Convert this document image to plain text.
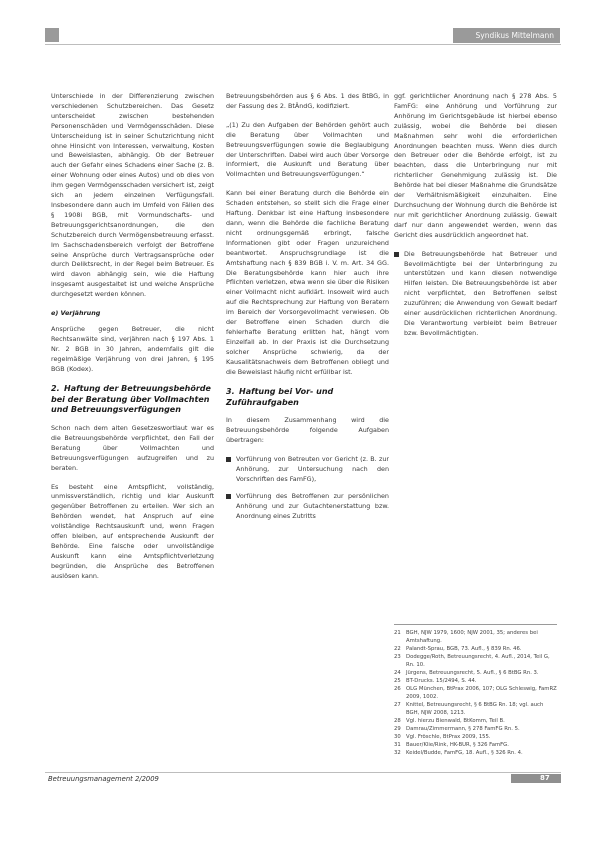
Syndikus Mittelmann

Unterschiede in der Differenzierung zwischen verschiedenen Schutzbereichen. Das Gesetz unterscheidet zwischen bestehenden Personenschäden und Vermögensschäden. Diese Unterscheidung ist in seiner Schutzrichtung nicht ohne Hinsicht von Interessen, verwaltung, Kosten und Beweislasten, abhängig. Ob der Betreuer auch der Gefahr eines Schadens einer Sache (z. B. einer Wohnung oder eines Autos) und ob dies von ihm gegen Vermögensschaden versichert ist, zeigt sich an jedem einzelnen Verfügungsfall. Insbesondere dann auch im Umfeld von Fällen des § 1908i BGB, mit Vormundschafts- und Betreuungsgerichtsanordnungen, die den Schutzbereich durch Vermögensbetreuung erfasst. Im Sachschadensbereich verfolgt der Betroffene seine Ansprüche durch Vertragsansprüche oder durch Deliktsrecht, in der Regel beim Betreuer. Es wird davon abhängig sein, wie die Haftung insgesamt ausgestaltet ist und welche Ansprüche durchgesetzt werden können.

e) Verjährung

Ansprüche gegen Betreuer, die nicht Rechtsanwälte sind, verjähren nach § 197 Abs. 1 Nr. 2 BGB in 30 Jahren, andernfalls gilt die regelmäßige Verjährung von drei Jahren, § 195 BGB (Kodex).

2. Haftung der Betreuungsbehörde bei der Beratung über Vollmachten und Betreuungsverfügungen

Schon nach dem alten Gesetzeswortlaut war es die Betreuungsbehörde verpflichtet, den Fall der Beratung über Vollmachten und Betreuungsverfügungen aufzugreifen und zu beraten.

Es besteht eine Amtspflicht, vollständig, unmissverständlich, richtig und klar Auskunft gegenüber Betroffenen zu erteilen. Wer sich an Behörden wendet, hat Anspruch auf eine vollständige Rechtsauskunft und, wenn Fragen offen bleiben, auf entsprechende Auskunft der Behörde. Eine falsche oder unvollständige Auskunft kann eine Amtspflichtverletzung begründen, die Ansprüche des Betroffenen auslösen kann.

Betreuungsbehörden aus § 6 Abs. 1 des BtBG, in der Fassung des 2. BtÄndG, kodifiziert.

„(1) Zu den Aufgaben der Behörden gehört auch die Beratung über Vollmachten und Betreuungsverfügungen sowie die Beglaubigung der Unterschriften. Dabei wird auch über Vorsorge informiert, die Auskunft und Beratung über Vollmachten und Betreuungsverfügungen.“

Kann bei einer Beratung durch die Behörde ein Schaden entstehen, so stellt sich die Frage einer Haftung. Denkbar ist eine Haftung insbesondere dann, wenn die Behörde die fachliche Beratung nicht ordnungsgemäß erbringt, falsche Informationen gibt oder Fragen unzureichend beantwortet. Anspruchsgrundlage ist die Amtshaftung nach § 839 BGB i. V. m. Art. 34 GG. Die Beratungsbehörde kann hier auch ihre Pflichten verletzen, etwa wenn sie über die Risiken einer Vollmacht nicht aufklärt. Insoweit wird auch auf die Rechtsprechung zur Haftung von Beratern im Bereich der Vorsorgevollmacht verwiesen. Ob der Betroffene einen Schaden durch die fehlerhafte Beratung erlitten hat, hängt vom Einzelfall ab. In der Praxis ist die Durchsetzung solcher Ansprüche schwierig, da der Kausalitätsnachweis dem Betroffenen obliegt und die Beweislast häufig nicht erfüllbar ist.

3. Haftung bei Vor- und Zuführaufgaben

In diesem Zusammenhang wird die Betreuungsbehörde folgende Aufgaben übertragen:

Vorführung von Betreuten vor Gericht (z. B. zur Anhörung, zur Untersuchung nach den Vorschriften des FamFG),
Vorführung des Betroffenen zur persönlichen Anhörung und zur Gutachtenerstattung bzw. Anordnung eines Zutritts

ggf. gerichtlicher Anordnung nach § 278 Abs. 5 FamFG: eine Anhörung und Vorführung zur Anhörung im Gerichtsgebäude ist hierbei ebenso zulässig, wobei die Behörde bei diesen Maßnahmen sehr wohl die erforderlichen Anordnungen beachten muss. Wenn dies durch den Betreuer oder die Behörde erfolgt, ist zu beachten, dass die Unterbringung nur mit richterlicher Genehmigung zulässig ist. Die Behörde hat bei dieser Maßnahme die Grundsätze der Verhältnismäßigkeit einzuhalten. Eine Durchsuchung der Wohnung durch die Behörde ist nur mit gerichtlicher Anordnung zulässig. Gewalt darf nur dann angewendet werden, wenn das Gericht dies ausdrücklich angeordnet hat.

Die Betreuungsbehörde hat Betreuer und Bevollmächtigte bei der Unterbringung zu unterstützen und kann diesen notwendige Hilfen leisten. Die Betreuungsbehörde ist aber nicht verpflichtet, den Betroffenen selbst zuzuführen; die Anwendung von Gewalt bedarf einer ausdrücklichen richterlichen Anordnung. Die Verantwortung verbleibt beim Betreuer bzw. Bevollmächtigten.
21 BGH, NJW 1979, 1600; NJW 2001, 35; anderes bei Amtshaftung.
22 Palandt-Sprau, BGB, 73. Aufl., § 839 Rn. 46.
23 Dodegge/Roth, Betreuungsrecht, 4. Aufl., 2014, Teil G, Rn. 10.
24 Jürgens, Betreuungsrecht, 5. Aufl., § 6 BtBG Rn. 3.
25 BT-Drucks. 15/2494, S. 44.
26 OLG München, BtPrax 2006, 107; OLG Schleswig, FamRZ 2009, 1002.
27 Knittel, Betreuungsrecht, § 6 BtBG Rn. 18; vgl. auch BGH, NJW 2008, 1213.
28 Vgl. hierzu Bienwald, BtKomm, Teil B.
29 Damrau/Zimmermann, § 278 FamFG Rn. 5.
30 Vgl. Fröschle, BtPrax 2009, 155.
31 Bauer/Klie/Rink, HK-BUR, § 326 FamFG.
32 Keidel/Budde, FamFG, 18. Aufl., § 326 Rn. 4.
Betreuungsmanagement 2/2009	87
